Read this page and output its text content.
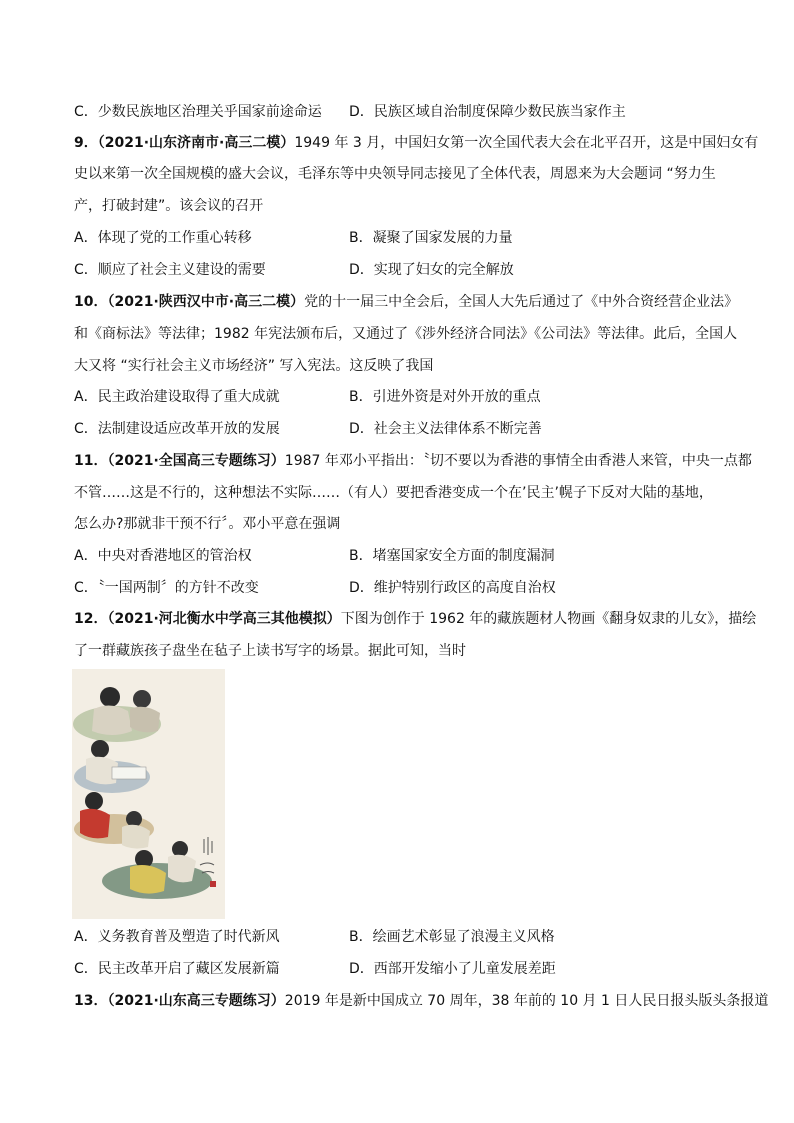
C．少数民族地区治理关乎国家前途命运 D．民族区域自治制度保障少数民族当家作主
9．（2021·山东济南市·高三二模）1949 年 3 月，中国妇女第一次全国代表大会在北平召开，这是中国妇女有
史以来第一次全国规模的盛大会议，毛泽东等中央领导同志接见了全体代表，周恩来为大会题词 “努力生
产，打破封建”。该会议的召开
A．体现了党的工作重心转移	B．凝聚了国家发展的力量
C．顺应了社会主义建设的需要	D．实现了妇女的完全解放
10．（2021·陕西汉中市·高三二模）党的十一届三中全会后，全国人大先后通过了《中外合资经营企业法》
和《商标法》等法律；1982 年宪法颁布后，又通过了《涉外经济合同法》《公司法》等法律。此后，全国人
大又将 “实行社会主义市场经济” 写入宪法。这反映了我国
A．民主政治建设取得了重大成就	B．引进外资是对外开放的重点
C．法制建设适应改革开放的发展	D．社会主义法律体系不断完善
11．（2021·全国高三专题练习）1987 年邓小平指出：〝切不要以为香港的事情全由香港人来管，中央一点都
不管……这是不行的，这种想法不实际……（有人）要把香港变成一个在’民主’幌子下反对大陆的基地，
怎么办?那就非干预不行〞。邓小平意在强调
A．中央对香港地区的管治权	B．堵塞国家安全方面的制度漏洞
C．〝一国两制〞的方针不改变	D．维护特别行政区的高度自治权
12．（2021·河北衡水中学高三其他模拟）下图为创作于 1962 年的藏族题材人物画《翻身奴隶的儿女》，描绘
了一群藏族孩子盘坐在毡子上读书写字的场景。据此可知，当时
A．义务教育普及塑造了时代新风	B．绘画艺术彰显了浪漫主义风格
C．民主改革开启了藏区发展新篇	D．西部开发缩小了儿童发展差距
13．（2021·山东高三专题练习）2019 年是新中国成立 70 周年，38 年前的 10 月 1 日人民日报头版头条报道
